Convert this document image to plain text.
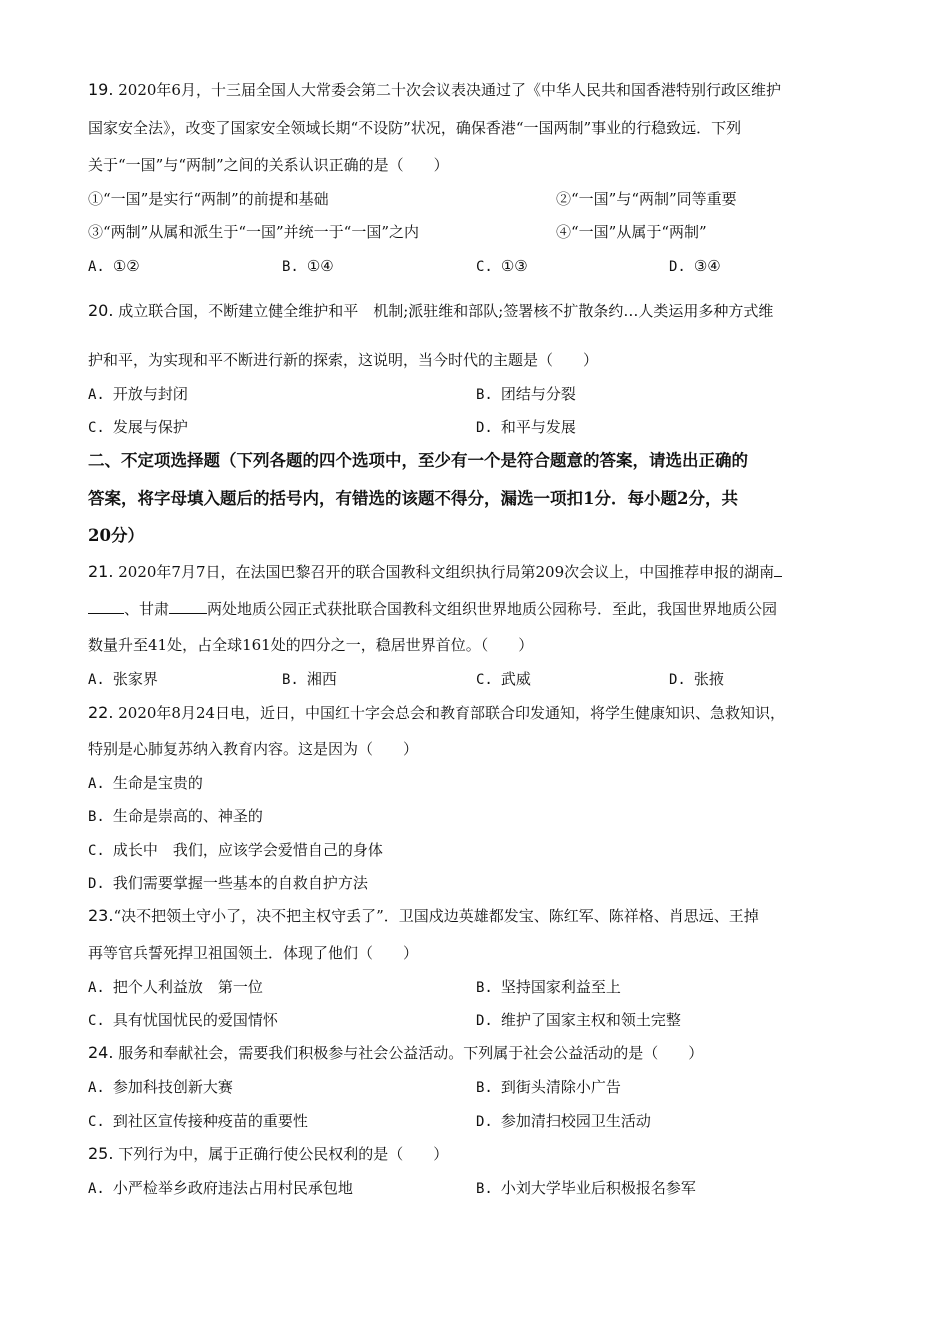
19. 2020年6月，十三届全国人大常委会第二十次会议表决通过了《中华人民共和国香港特别行政区维护
国家安全法》，改变了国家安全领域长期“不设防”状况，确保香港“一国两制”事业的行稳致远．下列
关于“一国”与“两制”之间的关系认识正确的是（　　）
①“一国”是实行“两制”的前提和基础	②“一国”与“两制”同等重要
③“两制”从属和派生于“一国”并统一于“一国”之内	④“一国”从属于“两制”
A. ①②	B. ①④	C. ①③	D. ③④
20. 成立联合国，不断建立健全维护和平　机制;派驻维和部队;签署核不扩散条约…人类运用多种方式维
护和平，为实现和平不断进行新的探索，这说明，当今时代的主题是（　　）
A. 开放与封闭	B. 团结与分裂
C. 发展与保护	D. 和平与发展
二、不定项选择题（下列各题的四个选项中，至少有一个是符合题意的答案，请选出正确的
答案，将字母填入题后的括号内，有错选的该题不得分，漏选一项扣1分．每小题2分，共
20分）
21. 2020年7月7日，在法国巴黎召开的联合国教科文组织执行局第209次会议上，中国推荐申报的湖南
、甘肃	两处地质公园正式获批联合国教科文组织世界地质公园称号．至此，我国世界地质公园
数量升至41处，占全球161处的四分之一，稳居世界首位。（　　）
A. 张家界	B. 湘西	C. 武威	D. 张掖
22. 2020年8月24日电，近日，中国红十字会总会和教育部联合印发通知，将学生健康知识、急救知识，
特别是心肺复苏纳入教育内容。这是因为（　　）
A. 生命是宝贵的
B. 生命是崇高的、神圣的
C. 成长中　我们，应该学会爱惜自己的身体
D. 我们需要掌握一些基本的自救自护方法
23.“决不把领土守小了，决不把主权守丢了”．卫国戍边英雄都发宝、陈红军、陈祥格、肖思远、王掉
再等官兵誓死捍卫祖国领土．体现了他们（　　）
A. 把个人利益放　第一位	B. 坚持国家利益至上
C. 具有忧国忧民的爱国情怀	D. 维护了国家主权和领土完整
24. 服务和奉献社会，需要我们积极参与社会公益活动。下列属于社会公益活动的是（　　）
A. 参加科技创新大赛	B. 到街头清除小广告
C. 到社区宣传接种疫苗的重要性	D. 参加清扫校园卫生活动
25. 下列行为中，属于正确行使公民权利的是（　　）
A. 小严检举乡政府违法占用村民承包地	B. 小刘大学毕业后积极报名参军
